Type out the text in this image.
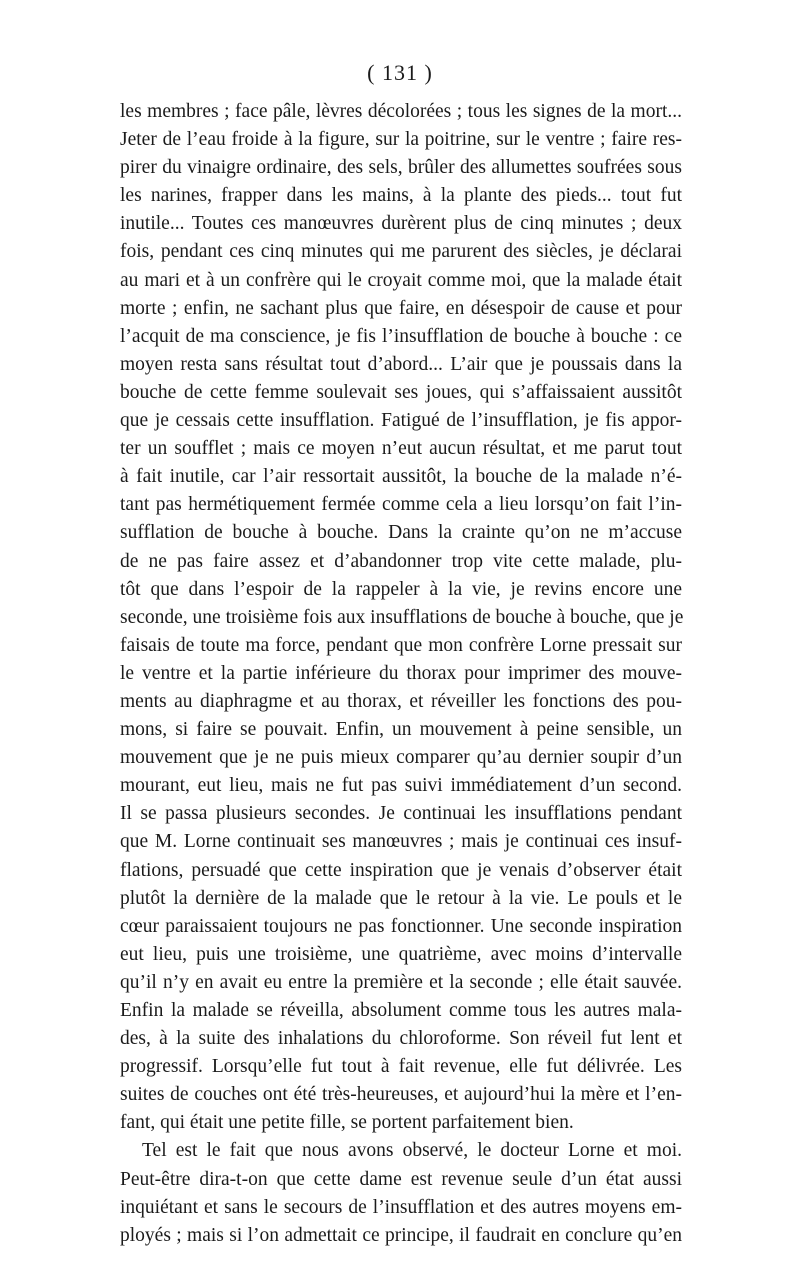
( 131 )
les membres ; face pâle, lèvres décolorées ; tous les signes de la mort...
Jeter de l’eau froide à la figure, sur la poitrine, sur le ventre ; faire res-
pirer du vinaigre ordinaire, des sels, brûler des allumettes soufrées sous
les narines, frapper dans les mains, à la plante des pieds... tout fut
inutile... Toutes ces manœuvres durèrent plus de cinq minutes ; deux
fois, pendant ces cinq minutes qui me parurent des siècles, je déclarai
au mari et à un confrère qui le croyait comme moi, que la malade était
morte ; enfin, ne sachant plus que faire, en désespoir de cause et pour
l’acquit de ma conscience, je fis l’insufflation de bouche à bouche : ce
moyen resta sans résultat tout d’abord... L’air que je poussais dans la
bouche de cette femme soulevait ses joues, qui s’affaissaient aussitôt
que je cessais cette insufflation. Fatigué de l’insufflation, je fis appor-
ter un soufflet ; mais ce moyen n’eut aucun résultat, et me parut tout
à fait inutile, car l’air ressortait aussitôt, la bouche de la malade n’é-
tant pas hermétiquement fermée comme cela a lieu lorsqu’on fait l’in-
sufflation de bouche à bouche. Dans la crainte qu’on ne m’accuse
de ne pas faire assez et d’abandonner trop vite cette malade, plu-
tôt que dans l’espoir de la rappeler à la vie, je revins encore une
seconde, une troisième fois aux insufflations de bouche à bouche, que je
faisais de toute ma force, pendant que mon confrère Lorne pressait sur
le ventre et la partie inférieure du thorax pour imprimer des mouve-
ments au diaphragme et au thorax, et réveiller les fonctions des pou-
mons, si faire se pouvait. Enfin, un mouvement à peine sensible, un
mouvement que je ne puis mieux comparer qu’au dernier soupir d’un
mourant, eut lieu, mais ne fut pas suivi immédiatement d’un second.
Il se passa plusieurs secondes. Je continuai les insufflations pendant
que M. Lorne continuait ses manœuvres ; mais je continuai ces insuf-
flations, persuadé que cette inspiration que je venais d’observer était
plutôt la dernière de la malade que le retour à la vie. Le pouls et le
cœur paraissaient toujours ne pas fonctionner. Une seconde inspiration
eut lieu, puis une troisième, une quatrième, avec moins d’intervalle
qu’il n’y en avait eu entre la première et la seconde ; elle était sauvée.
Enfin la malade se réveilla, absolument comme tous les autres mala-
des, à la suite des inhalations du chloroforme. Son réveil fut lent et
progressif. Lorsqu’elle fut tout à fait revenue, elle fut délivrée. Les
suites de couches ont été très-heureuses, et aujourd’hui la mère et l’en-
fant, qui était une petite fille, se portent parfaitement bien.
Tel est le fait que nous avons observé, le docteur Lorne et moi.
Peut-être dira-t-on que cette dame est revenue seule d’un état aussi
inquiétant et sans le secours de l’insufflation et des autres moyens em-
ployés ; mais si l’on admettait ce principe, il faudrait en conclure qu’en
